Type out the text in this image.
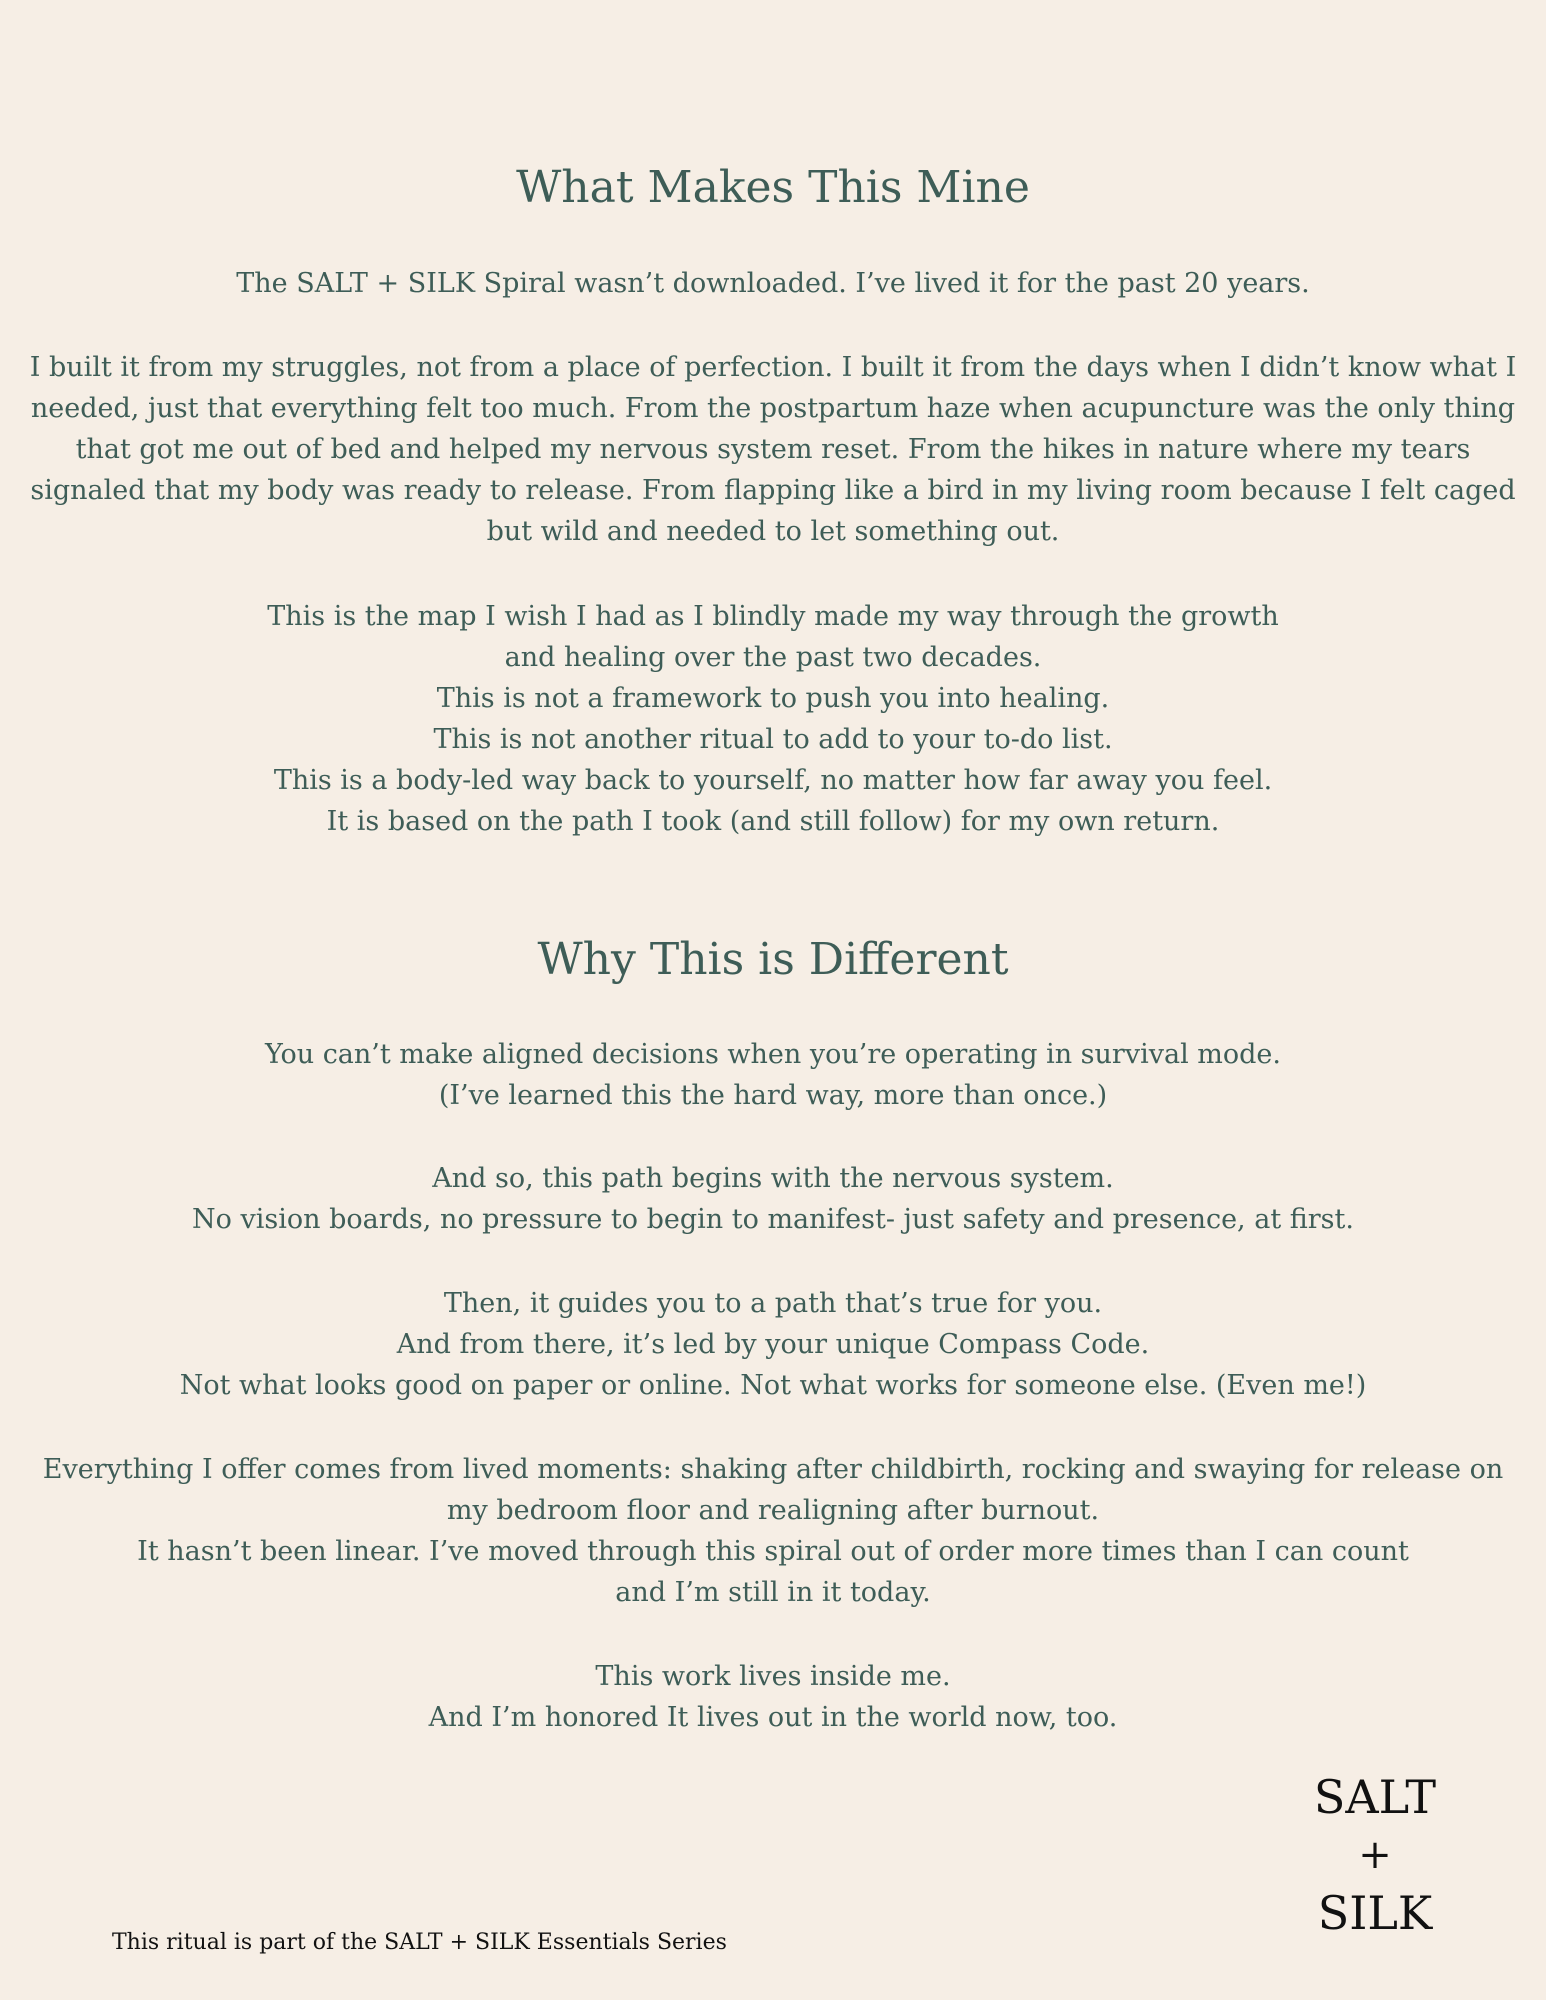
What Makes This Mine

The SALT + SILK Spiral wasn’t downloaded. I’ve lived it for the past 20 years.

I built it from my struggles, not from a place of perfection. I built it from the days when I didn’t know what I

needed, just that everything felt too much. From the postpartum haze when acupuncture was the only thing

that got me out of bed and helped my nervous system reset. From the hikes in nature where my tears

signaled that my body was ready to release. From flapping like a bird in my living room because I felt caged

but wild and needed to let something out.

This is the map I wish I had as I blindly made my way through the growth

and healing over the past two decades.

This is not a framework to push you into healing.

This is not another ritual to add to your to-do list.

This is a body-led way back to yourself, no matter how far away you feel.

It is based on the path I took (and still follow) for my own return.

Why This is Different

You can’t make aligned decisions when you’re operating in survival mode.

(I’ve learned this the hard way, more than once.)

And so, this path begins with the nervous system.

No vision boards, no pressure to begin to manifest- just safety and presence, at first.

Then, it guides you to a path that’s true for you.

And from there, it’s led by your unique Compass Code.

Not what looks good on paper or online. Not what works for someone else. (Even me!)

Everything I offer comes from lived moments: shaking after childbirth, rocking and swaying for release on

my bedroom floor and realigning after burnout.

It hasn’t been linear. I’ve moved through this spiral out of order more times than I can count

and I’m still in it today.

This work lives inside me.

And I’m honored It lives out in the world now, too.

SALT
+
SILK
This ritual is part of the SALT + SILK Essentials Series
